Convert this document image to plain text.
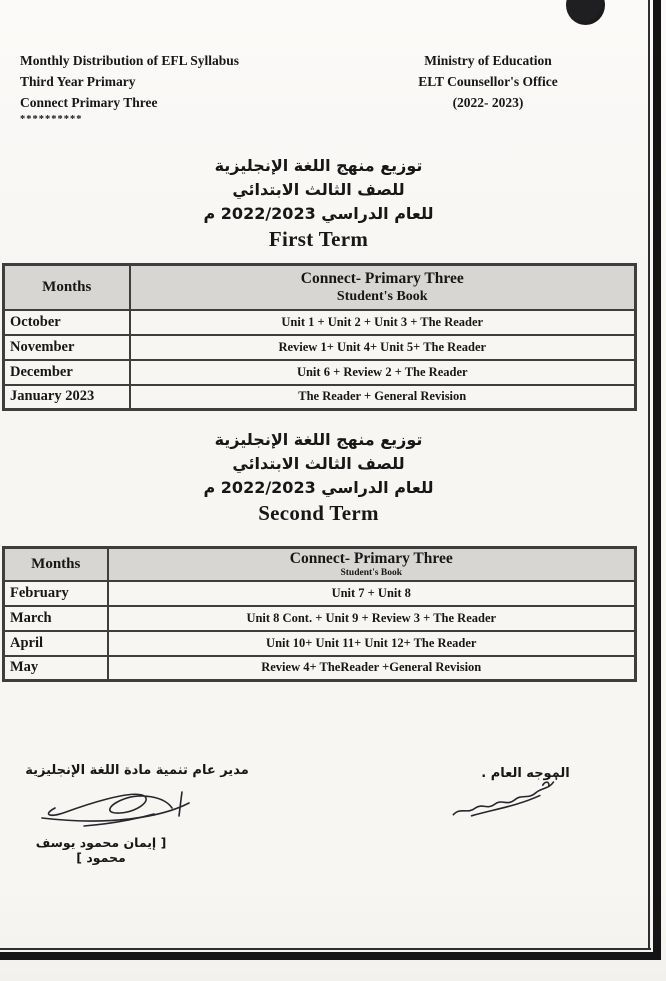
Monthly Distribution of EFL Syllabus
Third Year Primary
Connect Primary Three
**********
Ministry of Education
ELT Counsellor's Office
(2022- 2023)
توزيع منهج اللغة الإنجليزية
للصف الثالث الابتدائي
للعام الدراسي 2022/2023 م
First Term
Months	Connect- Primary Three
Student's Book

October	Unit 1 + Unit 2 + Unit 3 + The Reader
November	Review 1+ Unit 4+ Unit 5+ The Reader
December	Unit 6 + Review 2 + The Reader
January 2023	The Reader + General Revision
توزيع منهج اللغة الإنجليزية
للصف الثالث الابتدائي
للعام الدراسي 2022/2023 م
Second Term
Months	Connect- Primary Three
Student's Book

February	Unit 7 + Unit 8
March	Unit 8 Cont. + Unit 9 + Review 3 + The Reader
April	Unit 10+ Unit 11+ Unit 12+ The Reader
May	Review 4+ TheReader +General Revision
الموجه العام .
مدير عام تنمية مادة اللغة الإنجليزية
[ إيمان محمود يوسف محمود ]
